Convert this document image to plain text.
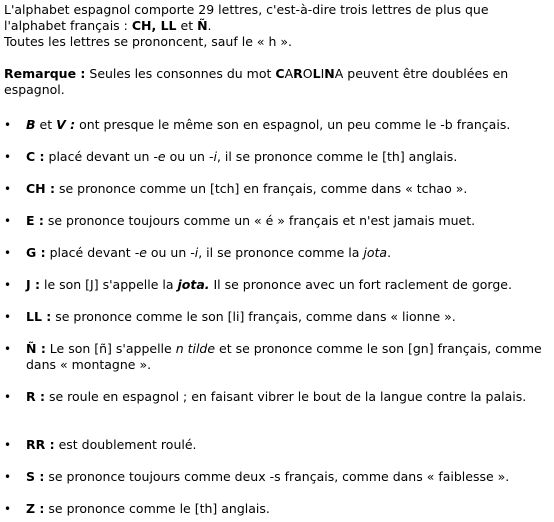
L'alphabet espagnol comporte 29 lettres, c'est-à-dire trois lettres de plus que

l'alphabet français : CH, LL et Ñ.

Toutes les lettres se prononcent, sauf le « h ».

Remarque : Seules les consonnes du mot CAROLINA peuvent être doublées en espagnol.

• B et V : ont presque le même son en espagnol, un peu comme le -b français.
• C : placé devant un -e ou un -i, il se prononce comme le [th] anglais.
• CH : se prononce comme un [tch] en français, comme dans « tchao ».
• E : se prononce toujours comme un « é » français et n'est jamais muet.
• G : placé devant -e ou un -i, il se prononce comme la jota.
• J : le son [J] s'appelle la jota. Il se prononce avec un fort raclement de gorge.
• LL : se prononce comme le son [li] français, comme dans « lionne ».
• Ñ : Le son [ñ] s'appelle n tilde et se prononce comme le son [gn] français, comme dans « montagne ».
• R : se roule en espagnol ; en faisant vibrer le bout de la langue contre la palais.
• RR : est doublement roulé.
• S : se prononce toujours comme deux -s français, comme dans « faiblesse ».
• Z : se prononce comme le [th] anglais.
